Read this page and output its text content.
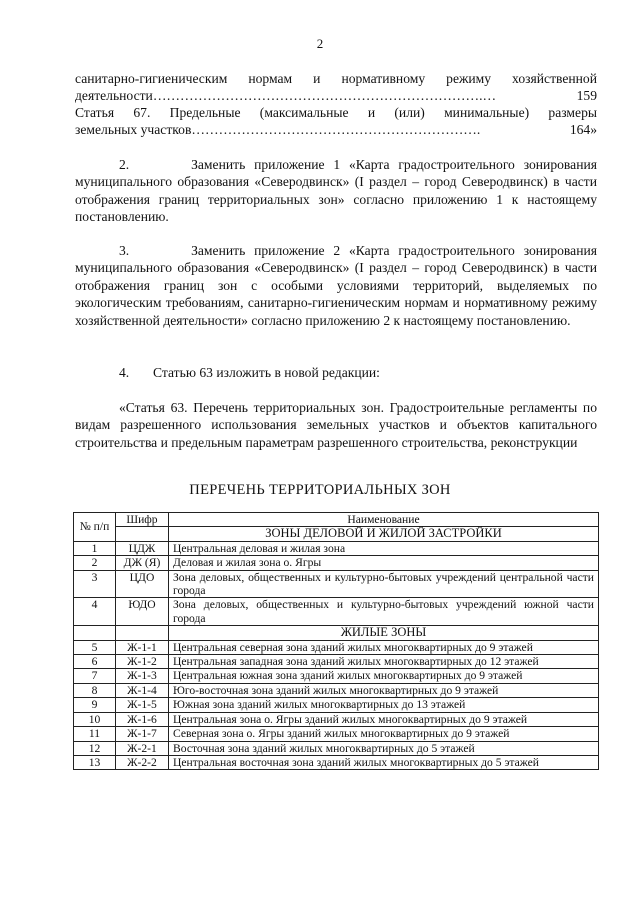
2
санитарно-гигиеническим нормам и нормативному режиму хозяйственной
деятельности ……………………………………………………………….…	159
Статья 67. Предельные (максимальные и (или) минимальные) размеры
земельных участков ……………………………………………………….	164»
2.	Заменить приложение 1 «Карта градостроительного зонирования муниципального образования «Северодвинск» (I раздел – город Северодвинск) в части отображения границ территориальных зон» согласно приложению 1 к настоящему постановлению.
3.	Заменить приложение 2 «Карта градостроительного зонирования муниципального образования «Северодвинск» (I раздел – город Северодвинск) в части отображения границ зон с особыми условиями территорий, выделяемых по экологическим требованиям, санитарно-гигиеническим нормам и нормативному режиму хозяйственной деятельности» согласно приложению 2 к настоящему постановлению.
4. Статью 63 изложить в новой редакции:
«Статья 63. Перечень территориальных зон. Градостроительные регламенты по видам разрешенного использования земельных участков и объектов капитального строительства и предельным параметрам разрешенного строительства, реконструкции
ПЕРЕЧЕНЬ ТЕРРИТОРИАЛЬНЫХ ЗОН
№ п/п	Шифр	Наименование
		ЗОНЫ ДЕЛОВОЙ И ЖИЛОЙ ЗАСТРОЙКИ
1	ЦДЖ	Центральная деловая и жилая зона
2	ДЖ (Я)	Деловая и жилая зона о. Ягры
3	ЦДО	Зона деловых, общественных и культурно-бытовых учреждений центральной части города
4	ЮДО	Зона деловых, общественных и культурно-бытовых учреждений южной части города
		ЖИЛЫЕ ЗОНЫ
5	Ж-1-1	Центральная северная зона зданий жилых многоквартирных до 9 этажей
6	Ж-1-2	Центральная западная зона зданий жилых многоквартирных до 12 этажей
7	Ж-1-3	Центральная южная зона зданий жилых многоквартирных до 9 этажей
8	Ж-1-4	Юго-восточная зона зданий жилых многоквартирных до 9 этажей
9	Ж-1-5	Южная зона зданий жилых многоквартирных до 13 этажей
10	Ж-1-6	Центральная зона о. Ягры зданий жилых многоквартирных до 9 этажей
11	Ж-1-7	Северная зона о. Ягры зданий жилых многоквартирных до 9 этажей
12	Ж-2-1	Восточная зона зданий жилых многоквартирных до 5 этажей
13	Ж-2-2	Центральная восточная зона зданий жилых многоквартирных до 5 этажей
